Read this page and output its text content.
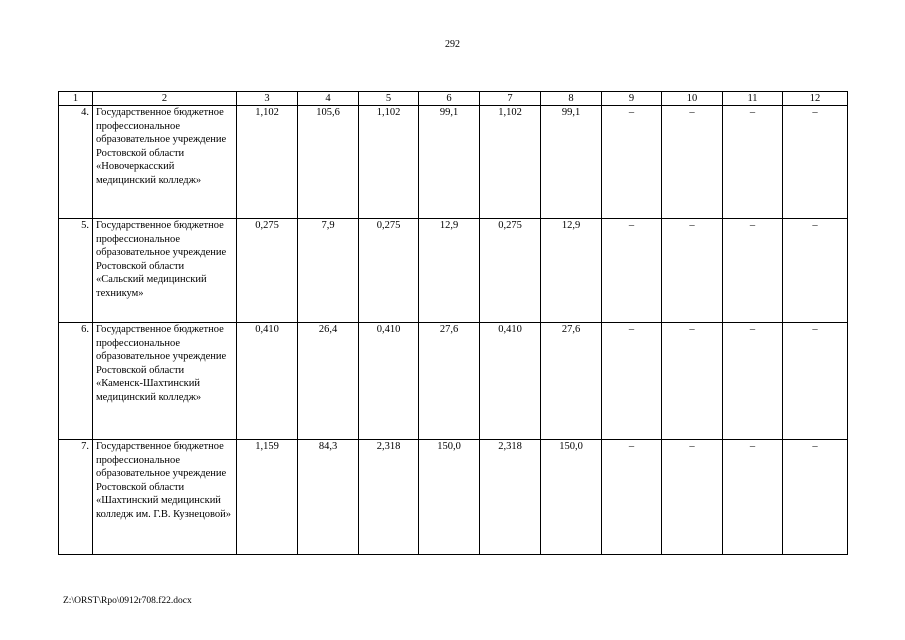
292
1	2	3	4	5	6	7	8	9	10	11	12
4.	Государственное бюджетное профессиональное образовательное учреждение Ростовской области «Новочеркасский медицинский колледж»	1,102	105,6	1,102	99,1	1,102	99,1	–	–	–	–
5.	Государственное бюджетное профессиональное образовательное учреждение Ростовской области «Сальский медицинский техникум»	0,275	7,9	0,275	12,9	0,275	12,9	–	–	–	–
6.	Государственное бюджетное профессиональное образовательное учреждение Ростовской области «Каменск-Шахтинский медицинский колледж»	0,410	26,4	0,410	27,6	0,410	27,6	–	–	–	–
7.	Государственное бюджетное профессиональное образовательное учреждение Ростовской области «Шахтинский медицинский колледж им. Г.В. Кузнецовой»	1,159	84,3	2,318	150,0	2,318	150,0	–	–	–	–
Z:\ORST\Rpo\0912r708.f22.docx
